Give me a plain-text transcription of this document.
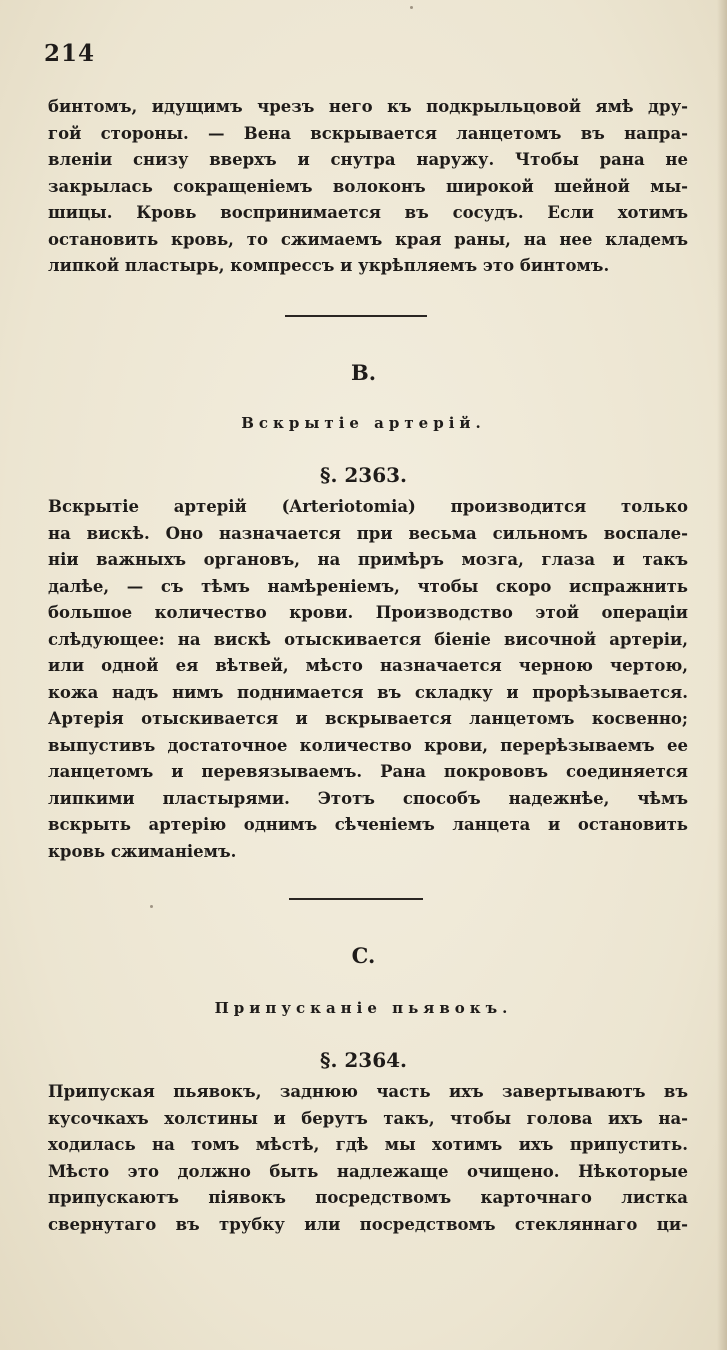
214

бинтомъ, идущимъ чрезъ него къ подкрыльцовой ямѣ дру-
гой стороны. — Вена вскрывается ланцетомъ въ напра-
вленіи снизу вверхъ и снутра наружу. Чтобы рана не
закрылась сокращеніемъ волоконъ широкой шейной мы-
шицы. Кровь воспринимается въ сосудъ. Если хотимъ
остановить кровь, то сжимаемъ края раны, на нее кладемъ
липкой пластырь, компрессъ и укрѣпляемъ это бинтомъ.

B.
Вскрытіе артерій.
§. 2363.

Вскрытіе артерій (Arteriotomia) производится только
на вискѣ. Оно назначается при весьма сильномъ воспале-
ніи важныхъ органовъ, на примѣръ мозга, глаза и такъ
далѣе, — съ тѣмъ намѣреніемъ, чтобы скоро испражнить
большое количество крови. Производство этой операціи
слѣдующее: на вискѣ отыскивается біеніе височной артеріи,
или одной ея вѣтвей, мѣсто назначается черною чертою,
кожа надъ нимъ поднимается въ складку и прорѣзывается.
Артерія отыскивается и вскрывается ланцетомъ косвенно;
выпустивъ достаточное количество крови, перерѣзываемъ ее
ланцетомъ и перевязываемъ. Рана покрововъ соединяется
липкими пластырями. Этотъ способъ надежнѣе, чѣмъ
вскрыть артерію однимъ сѣченіемъ ланцета и остановить
кровь сжиманіемъ.

C.
Припусканіе пьявокъ.
§. 2364.

Припуская пьявокъ, заднюю часть ихъ завертываютъ въ
кусочкахъ холстины и берутъ такъ, чтобы голова ихъ на-
ходилась на томъ мѣстѣ, гдѣ мы хотимъ ихъ припустить.
Мѣсто это должно быть надлежаще очищено. Нѣкоторые
припускаютъ піявокъ посредствомъ карточнаго листка
свернутаго въ трубку или посредствомъ стекляннаго ци-
